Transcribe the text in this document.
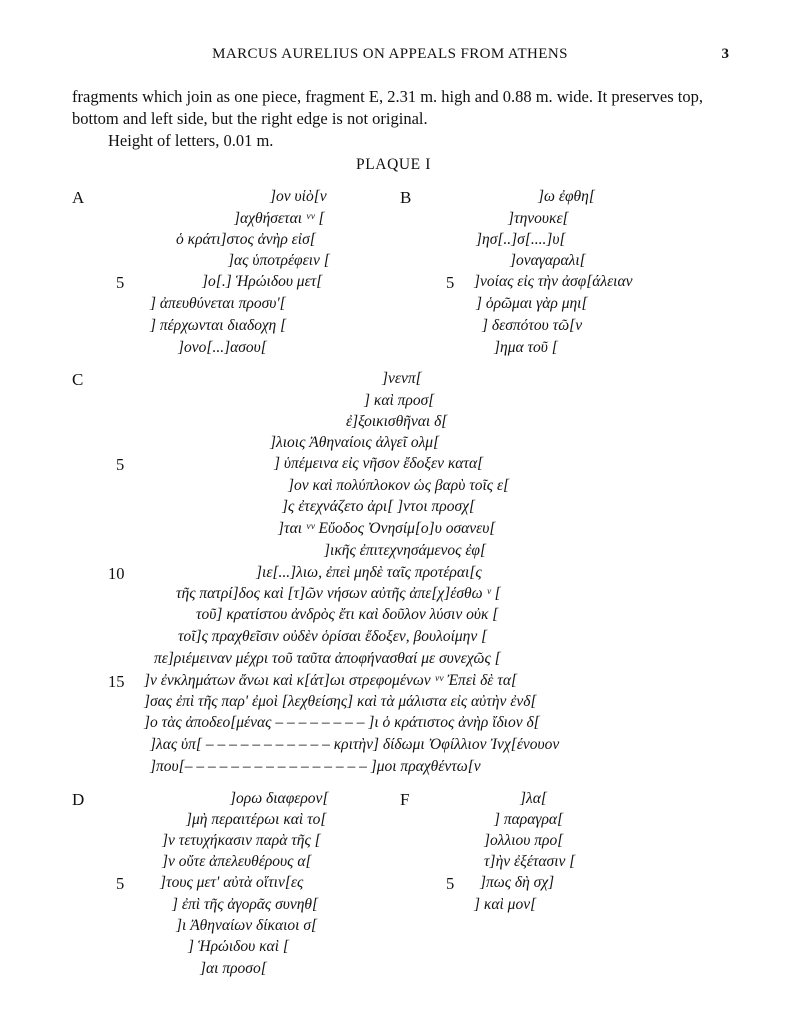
MARCUS AURELIUS ON APPEALS FROM ATHENS	3

fragments which join as one piece, fragment E, 2.31 m. high and 0.88 m. wide. It preserves top, bottom and left side, but the right edge is not original.

Height of letters, 0.01 m.

PLAQUE I
A
5
]ον υἱὸ[ν
]αχθήσεται ᵛᵛ [
ὁ κράτι]στος ἀνὴρ εἰσ[
]ας ὑποτρέφειν [
]ο[.] Ἡρώιδου μετ[
] ἀπευθύνεται προσυ'[
] πέρχωνται διαδοχη [
]ονο[...]ασου[
B
5
]ω ἐφθη[
]τηνουκε[
]ησ[..]σ[....]υ[
]οναγαραλι[
]νοίας εἰς τὴν ἀσφ[άλειαν
] ὁρῶμαι γὰρ μηι[
] δεσπότου τῶ[ν
]ημα τοῦ [
C
5
10
15
]νενπ[
] καὶ προσ[
ἐ]ξοικισθῆναι δ[
]λιοις Ἀθηναίοις ἀλγεῖ ολμ[
] ὑπέμεινα εἰς νῆσον ἔδοξεν κατα[
]ον καὶ πολύπλοκον ὡς βαρὺ τοῖς ε[
]ς ἐτεχνάζετο ἀρι[ ]ντοι προσχ[
]ται ᵛᵛ Εὔοδος Ὀνησίμ[ο]υ οσανευ[
]ικῆς ἐπιτεχνησάμενος ἐφ[
]ιε[...]λιω, ἐπεὶ μηδὲ ταῖς προτέραι[ς
τῆς πατρί]δος καὶ [τ]ῶν νήσων αὐτῆς ἀπε[χ]έσθω ᵛ [
τοῦ] κρατίστου ἀνδρὸς ἔτι καὶ δοῦλον λύσιν οὐκ [
τοῖ]ς πραχθεῖσιν οὐδὲν ὁρίσαι ἔδοξεν, βουλοίμην [
πε]ριέμειναν μέχρι τοῦ ταῦτα ἀποφήνασθαί με συνεχῶς [
]ν ἐνκλημάτων ἄνωι καὶ κ[άτ]ωι στρεφομένων ᵛᵛ Ἐπεὶ δὲ τα[
]σας ἐπὶ τῆς παρ' ἐμοὶ [λεχθείσης] καὶ τὰ μάλιστα εἰς αὐτὴν ἐνδ[
]ο τὰς ἀποδεο[μένας – – – – – – – – ]ι ὁ κράτιστος ἀνὴρ ἴδιον δ[
]λας ὑπ[ – – – – – – – – – – – κριτὴν] δίδωμι Ὀφίλλιον Ἰνχ[ένουον
]που[– – – – – – – – – – – – – – – – ]μοι πραχθέντω[ν
D
5
]ορω διαφερον[
]μὴ περαιτέρωι καὶ το[
]ν τετυχήκασιν παρὰ τῆς [
]ν οὔτε ἀπελευθέρους α[
]τους μετ' αὐτὰ οἵτιν[ες
] ἐπὶ τῆς ἀγορᾶς συνηθ[
]ι Ἀθηναίων δίκαιοι σ[
] Ἡρώιδου καὶ [
]αι προσο[
F
5
]λα[
] παραγρα[
]ολλιου προ[
τ]ὴν ἐξέτασιν [
]πως δὴ σχ]
] καὶ μον[
